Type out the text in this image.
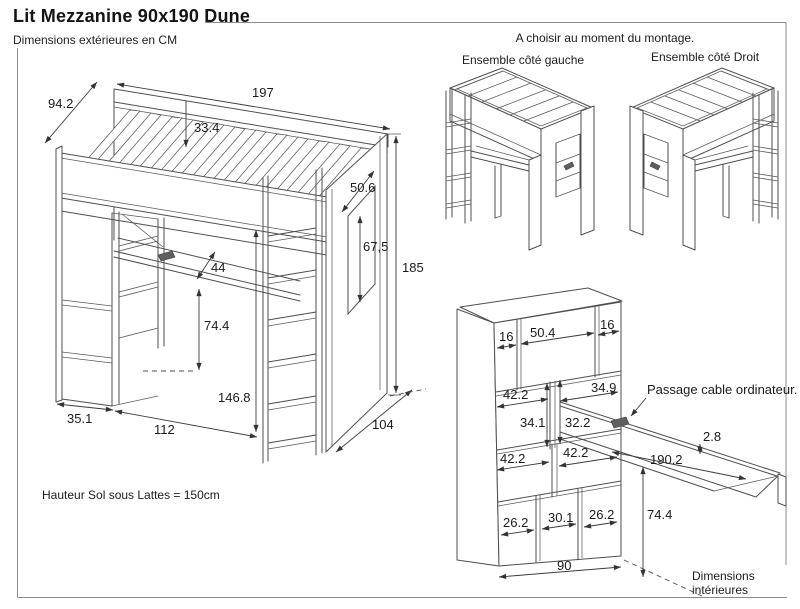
Lit Mezzanine 90x190 Dune
Dimensions extérieures en CM	A choisir au moment du montage.
Ensemble côté gauche	Ensemble côté Droit
Hauteur Sol sous Lattes = 150cm
Dimensions intérieures
197
94.2
33.4
50.6
67,5
185
44
74.4
146.8
35.1
112	104
16 50.4
16
42.2	34.9
34.1 32.2
42.2	42.2
26.2 30.1 26.2
90
74.4
190.2
2.8
Passage cable ordinateur.
